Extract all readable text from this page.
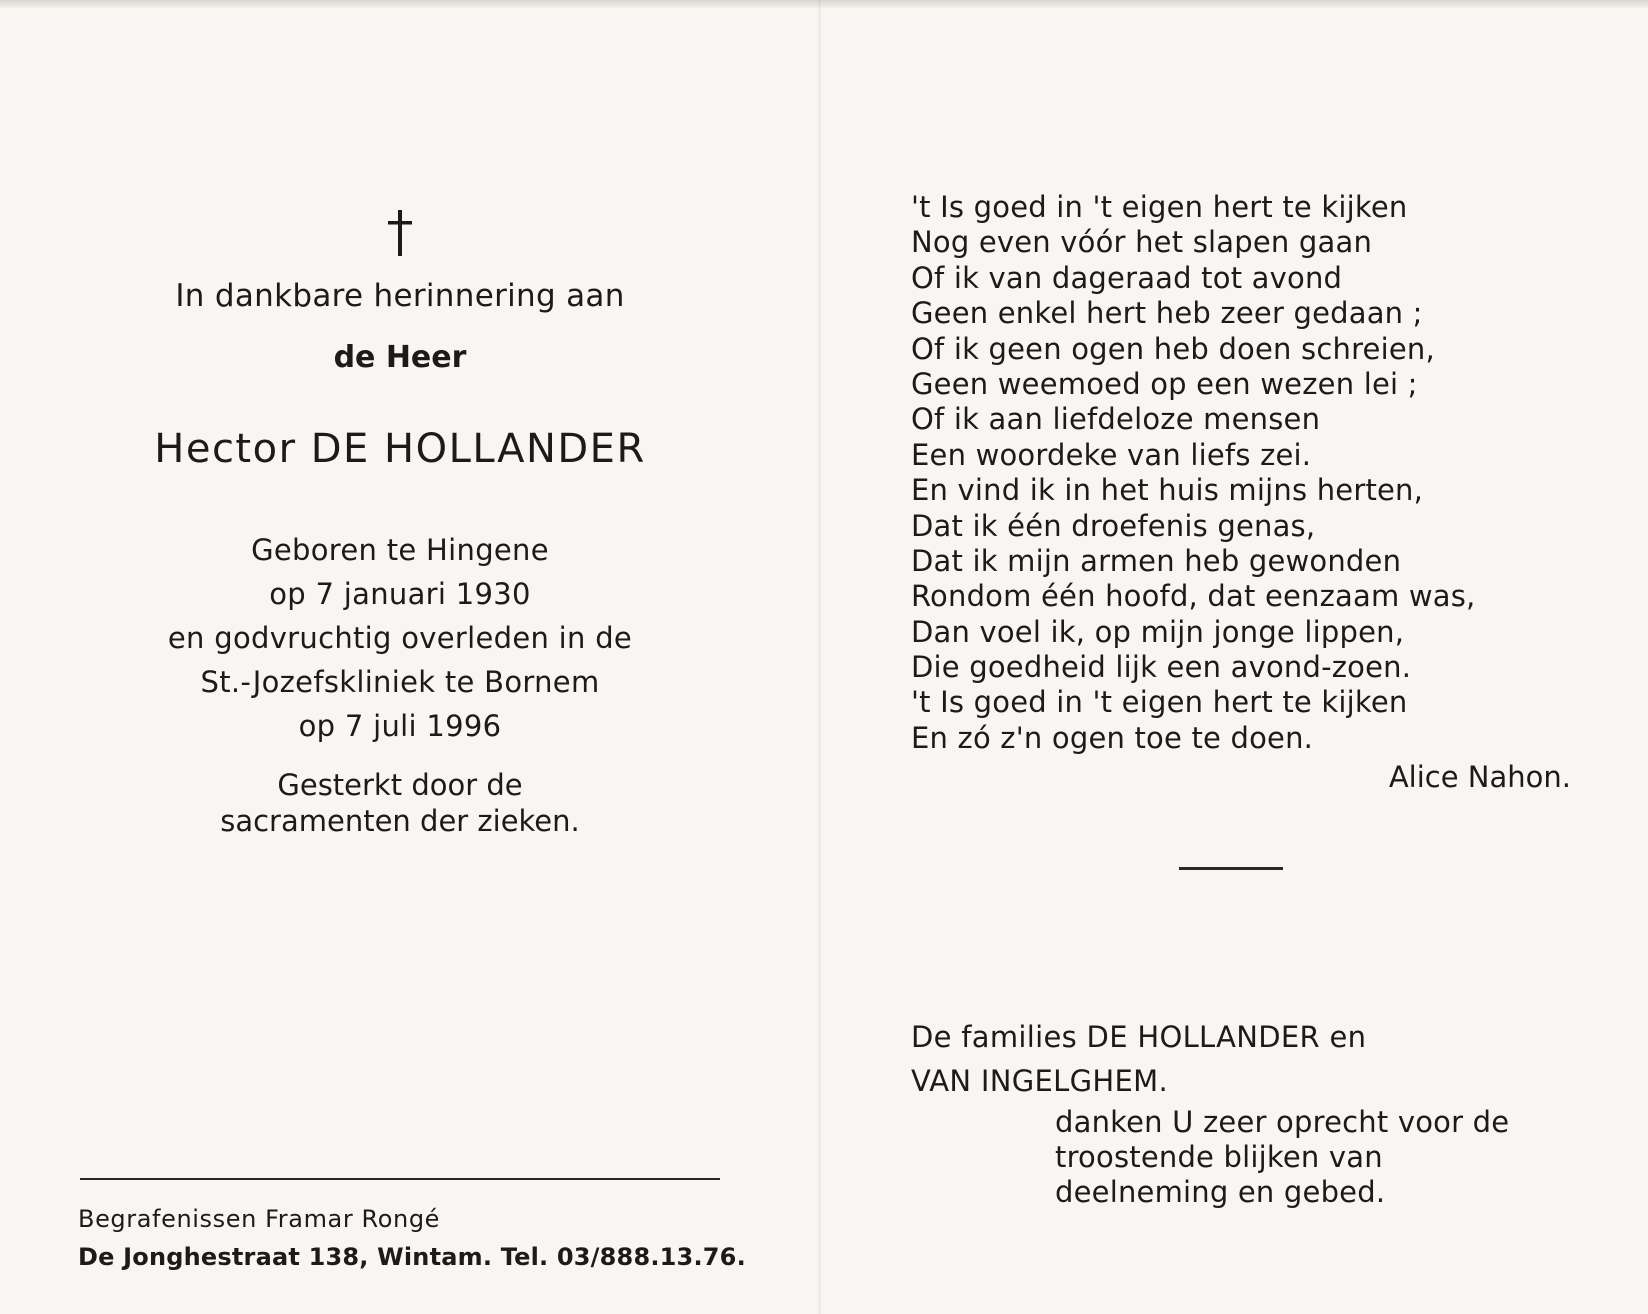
In dankbare herinnering aan
de Heer
Hector DE HOLLANDER
Geboren te Hingene
op 7 januari 1930
en godvruchtig overleden in de
St.-Jozefskliniek te Bornem
op 7 juli 1996
Gesterkt door de
sacramenten der zieken.
Begrafenissen Framar Rongé
De Jonghestraat 138, Wintam. Tel. 03/888.13.76.
't Is goed in 't eigen hert te kijken
Nog even vóór het slapen gaan
Of ik van dageraad tot avond
Geen enkel hert heb zeer gedaan ;
Of ik geen ogen heb doen schreien,
Geen weemoed op een wezen lei ;
Of ik aan liefdeloze mensen
Een woordeke van liefs zei.
En vind ik in het huis mijns herten,
Dat ik één droefenis genas,
Dat ik mijn armen heb gewonden
Rondom één hoofd, dat eenzaam was,
Dan voel ik, op mijn jonge lippen,
Die goedheid lijk een avond-zoen.
't Is goed in 't eigen hert te kijken
En zó z'n ogen toe te doen.
Alice Nahon.
De families DE HOLLANDER en
VAN INGELGHEM.
danken U zeer oprecht voor de
troostende blijken van
deelneming en gebed.
